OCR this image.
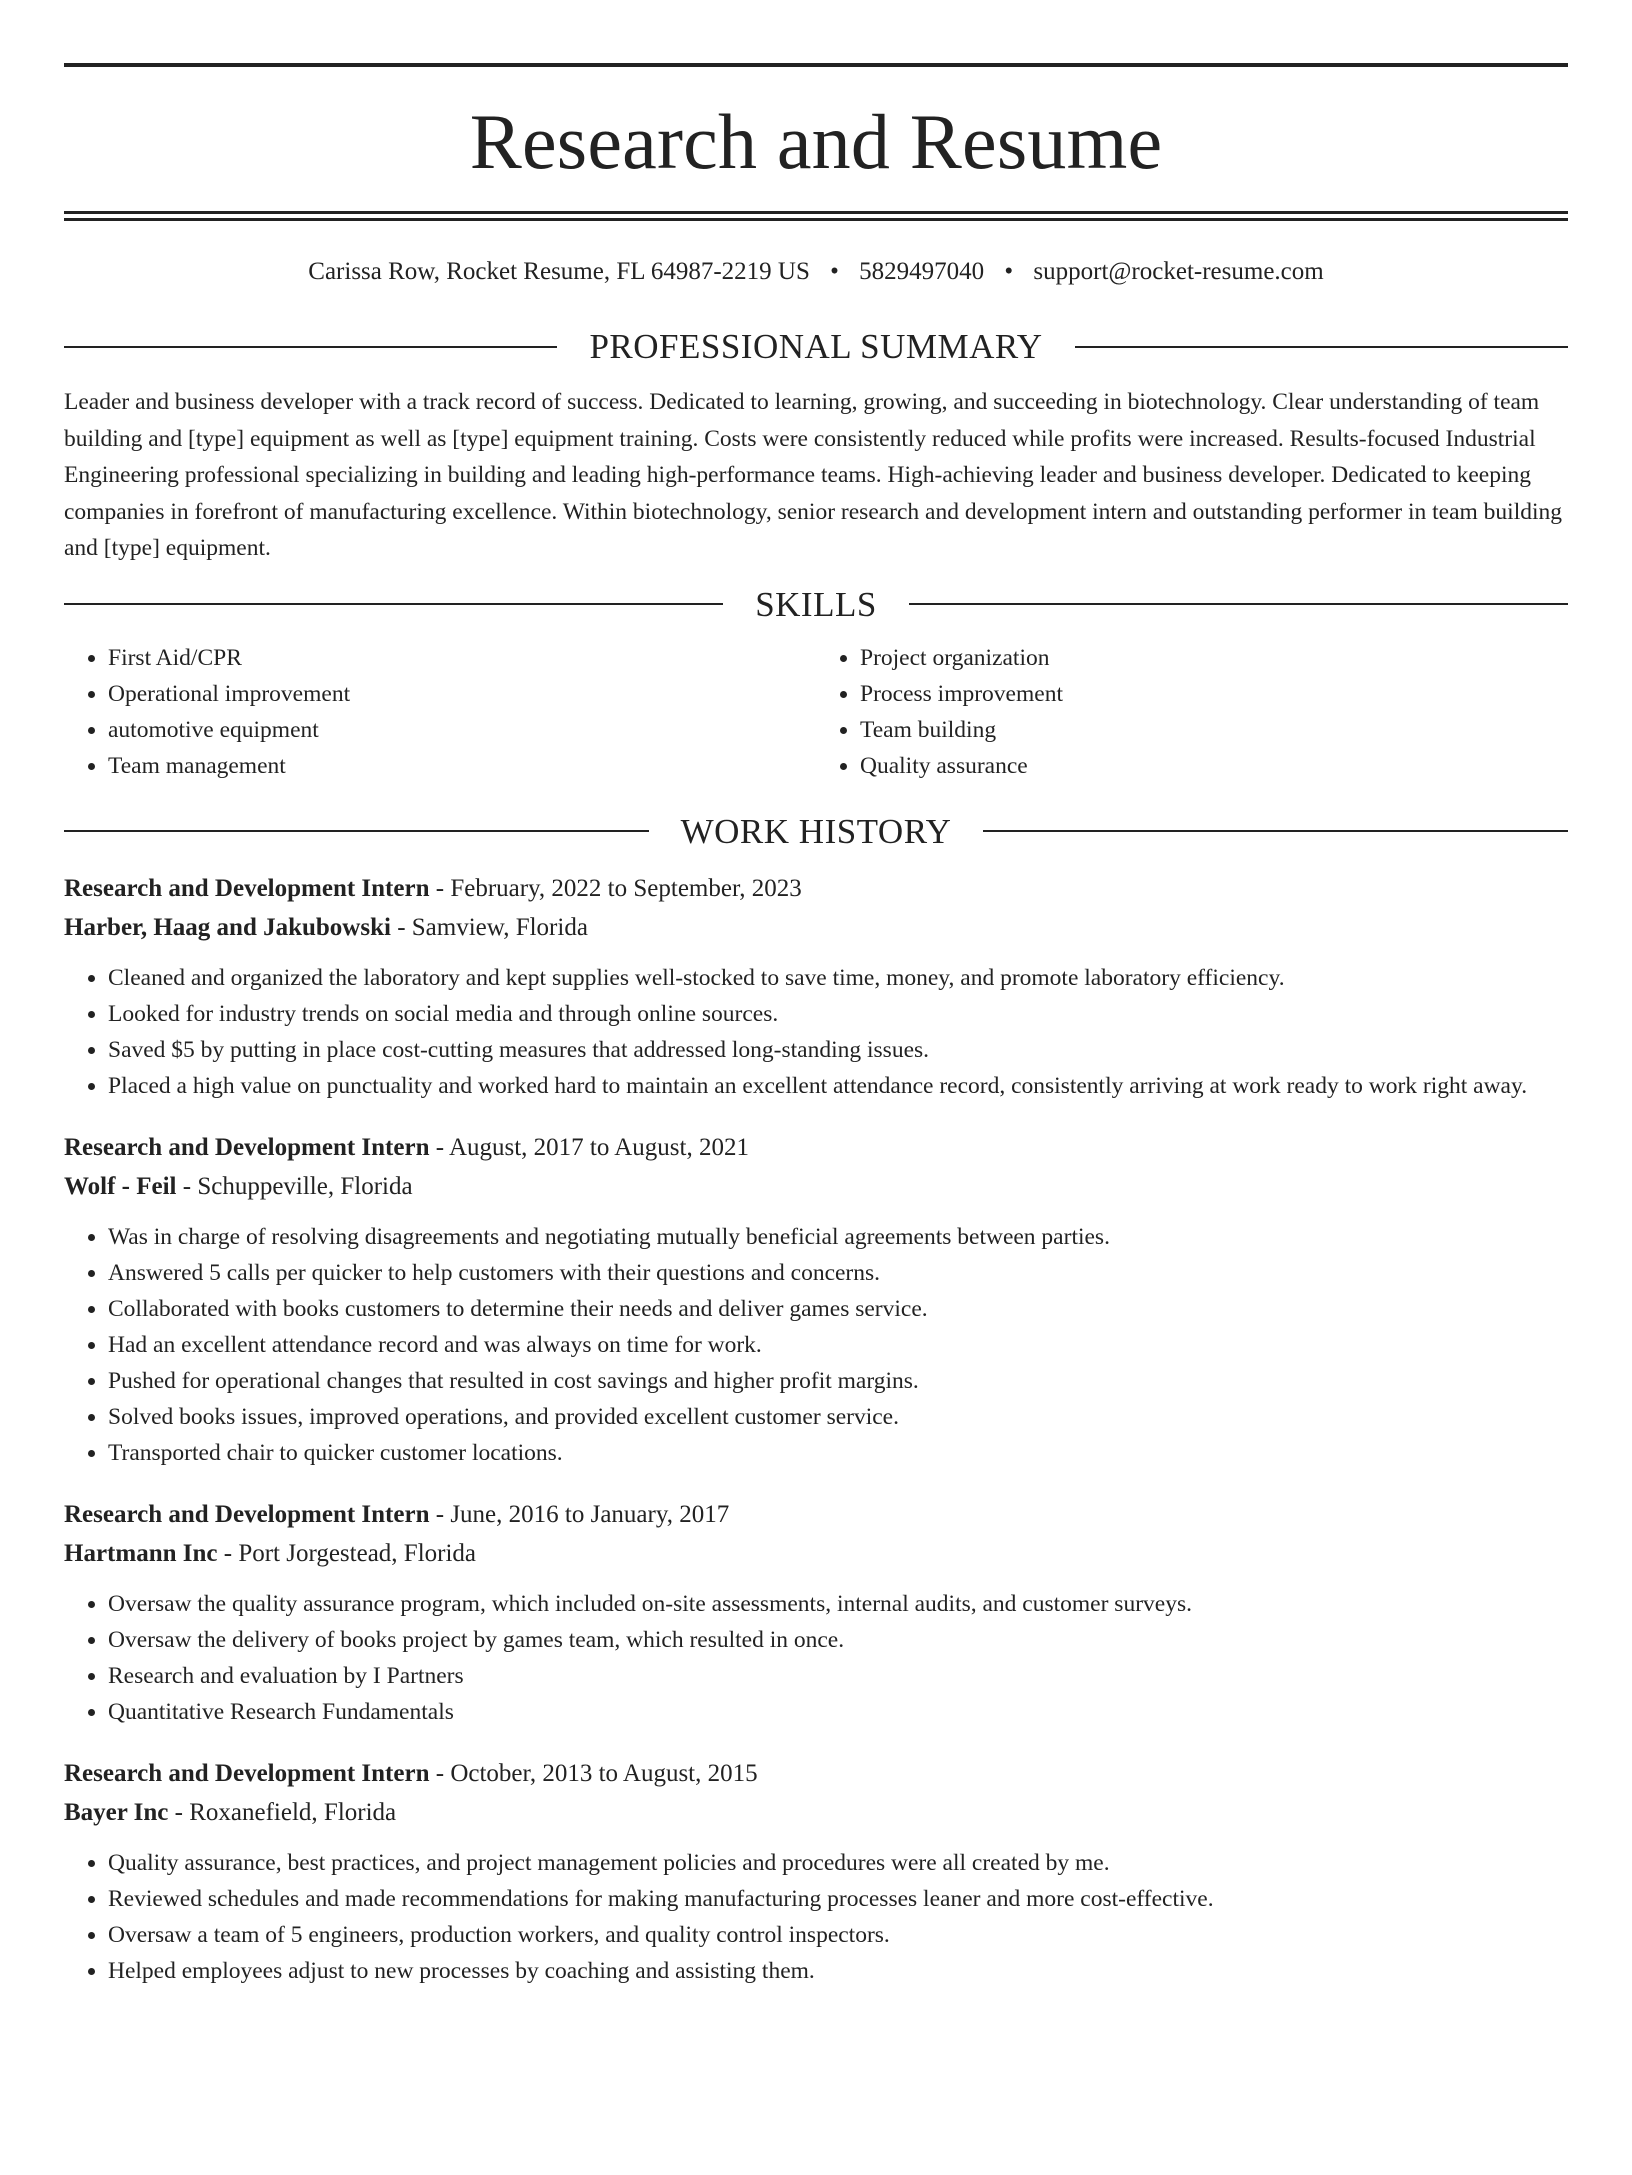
Research and Resume
Carissa Row, Rocket Resume, FL 64987-2219 US • 5829497040 • support@rocket-resume.com
PROFESSIONAL SUMMARY

Leader and business developer with a track record of success. Dedicated to learning, growing, and succeeding in biotechnology. Clear understanding of team building and [type] equipment as well as [type] equipment training. Costs were consistently reduced while profits were increased. Results-focused Industrial Engineering professional specializing in building and leading high-performance teams. High-achieving leader and business developer. Dedicated to keeping companies in forefront of manufacturing excellence. Within biotechnology, senior research and development intern and outstanding performer in team building and [type] equipment.

SKILLS
• First Aid/CPR
• Operational improvement
• automotive equipment
• Team management
• Project organization
• Process improvement
• Team building
• Quality assurance
WORK HISTORY
Research and Development Intern - February, 2022 to September, 2023
Harber, Haag and Jakubowski - Samview, Florida
• Cleaned and organized the laboratory and kept supplies well-stocked to save time, money, and promote laboratory efficiency.
• Looked for industry trends on social media and through online sources.
• Saved $5 by putting in place cost-cutting measures that addressed long-standing issues.
• Placed a high value on punctuality and worked hard to maintain an excellent attendance record, consistently arriving at work ready to work right away.
Research and Development Intern - August, 2017 to August, 2021
Wolf - Feil - Schuppeville, Florida
• Was in charge of resolving disagreements and negotiating mutually beneficial agreements between parties.
• Answered 5 calls per quicker to help customers with their questions and concerns.
• Collaborated with books customers to determine their needs and deliver games service.
• Had an excellent attendance record and was always on time for work.
• Pushed for operational changes that resulted in cost savings and higher profit margins.
• Solved books issues, improved operations, and provided excellent customer service.
• Transported chair to quicker customer locations.
Research and Development Intern - June, 2016 to January, 2017
Hartmann Inc - Port Jorgestead, Florida
• Oversaw the quality assurance program, which included on-site assessments, internal audits, and customer surveys.
• Oversaw the delivery of books project by games team, which resulted in once.
• Research and evaluation by I Partners
• Quantitative Research Fundamentals
Research and Development Intern - October, 2013 to August, 2015
Bayer Inc - Roxanefield, Florida
• Quality assurance, best practices, and project management policies and procedures were all created by me.
• Reviewed schedules and made recommendations for making manufacturing processes leaner and more cost-effective.
• Oversaw a team of 5 engineers, production workers, and quality control inspectors.
• Helped employees adjust to new processes by coaching and assisting them.
